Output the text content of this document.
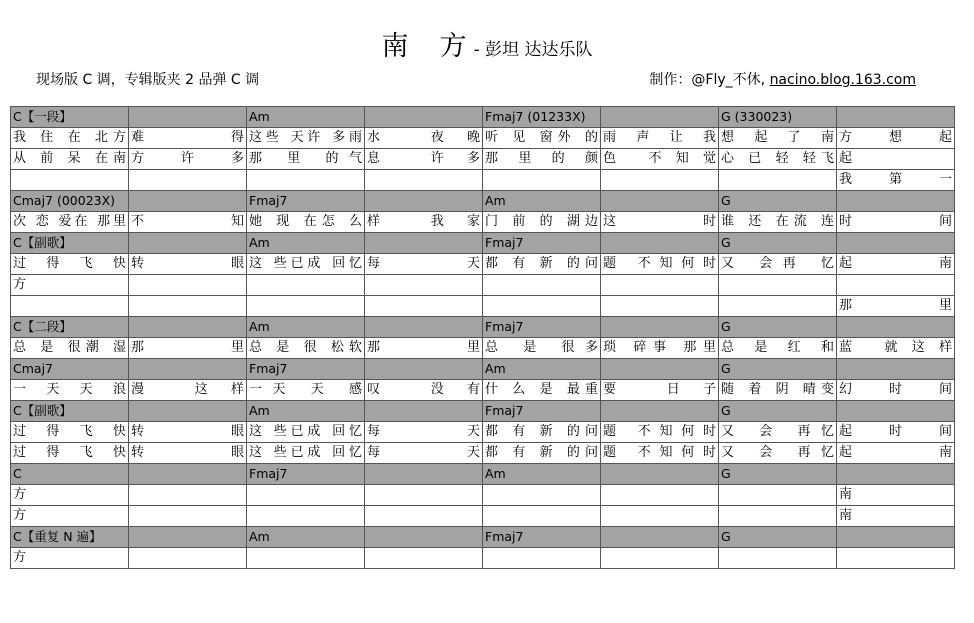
南　方 - 彭坦 达达乐队
现场版 C 调，专辑版夹 2 品弹 C 调	制作：@Fly_不休, nacino.blog.163.com
C【一段】		Am		Fmaj7 (01233X)		G (330023)	
我 住 在 北方	难得	这些 天许 多雨	水 夜晚	听 见 窗外 的	雨 声 让 我	想 起 了 南	方 想 起
从 前 呆 在南	方 许 多	那 里 的气	息 许多	那 里 的 颜	色 不知觉	心 已 轻 轻飞	起
							我第一
Cmaj7 (00023X)		Fmaj7		Am		G	
次 恋 爱在 那里	不知	她 现 在怎 么	样 我家	门 前 的 湖边	这时	谁 还 在流 连	时 间
C【副歌】		Am		Fmaj7		G	
过 得 飞 快	转眼	这 些已成 回忆	每天	都 有 新 的问	题 不知何时	又 会再 忆	起 南
方							
							那 里
C【二段】		Am		Fmaj7		G	
总 是 很潮 湿	那里	总 是 很 松软	那里	总 是 很多	琐 碎事 那里	总 是 红 和	蓝 就这样
Cmaj7		Fmaj7		Am		G	
一 天 天 浪	漫 这样	一天 天 感	叹 没有	什 么 是 最重	要 日子	随 着 阴 晴变	幻 时 间
C【副歌】		Am		Fmaj7		G	
过 得 飞 快	转眼	这 些已成 回忆	每天	都 有 新 的问	题 不知何时	又 会 再忆	起 时 间
过 得 飞 快	转眼	这 些已成 回忆	每天	都 有 新 的问	题 不知何时	又 会 再忆	起 南
C		Fmaj7		Am		G	
方							南
方							南
C【重复 N 遍】		Am		Fmaj7		G	
方							
